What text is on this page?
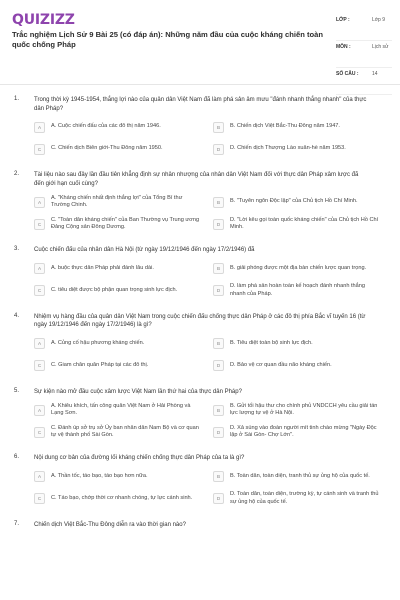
QUIZIZZ
Trắc nghiệm Lịch Sử 9 Bài 25 (có đáp án): Những năm đầu của cuộc kháng chiến toàn quốc chống Pháp
LỚP :	Lớp 9
MÔN :	Lịch sử
SỐ CÂU :	14
1. Trong thời kỳ 1945-1954, thắng lợi nào của quân dân Việt Nam đã làm phá sản âm mưu "đánh nhanh thắng nhanh" của thực dân Pháp?
A	A. Cuộc chiến đấu của các đô thị năm 1946.	B	B. Chiến dịch Việt Bắc-Thu Đông năm 1947.
C	C. Chiến dịch Biên giới-Thu Đông năm 1950.	D	D. Chiến dịch Thượng Lào xuân-hè năm 1953.
2. Tài liệu nào sau đây lần đầu tiên khẳng định sự nhân nhượng của nhân dân Việt Nam đối với thực dân Pháp xâm lược đã đến giới hạn cuối cùng?
A
A. "Kháng chiến nhất định thắng lợi" của Tổng Bí thư Trường Chinh.	B	B. "Tuyên ngôn Độc lập" của Chủ tịch Hồ Chí Minh.
C
C. "Toàn dân kháng chiến" của Ban Thường vụ Trung ương Đảng Cộng sản Đông Dương.	D
D. "Lời kêu gọi toàn quốc kháng chiến" của Chủ tịch Hồ Chí Minh.
3. Cuộc chiến đấu của nhân dân Hà Nội (từ ngày 19/12/1946 đến ngày 17/2/1946) đã
A	A. buộc thực dân Pháp phải đánh lâu dài.	B	B. giải phóng được một địa bàn chiến lược quan trọng.
C	C. tiêu diệt được bộ phận quan trọng sinh lực địch.	D
D. làm phá sản hoàn toàn kế hoạch đánh nhanh thắng nhanh của Pháp.
4. Nhiệm vụ hàng đầu của quân dân Việt Nam trong cuộc chiến đấu chống thực dân Pháp ở các đô thị phía Bắc vĩ tuyến 16 (từ ngày 19/12/1946 đến ngày 17/2/1946) là gì?
A	A. Củng cố hậu phương kháng chiến.	B	B. Tiêu diệt toàn bộ sinh lực địch.
C	C. Giam chân quân Pháp tại các đô thị.	D	D. Bảo vệ cơ quan đầu não kháng chiến.
5. Sự kiện nào mở đầu cuộc xâm lược Việt Nam lần thứ hai của thực dân Pháp?
A
A. Khiêu khích, tấn công quân Việt Nam ở Hải Phòng và Lạng Sơn.	B
B. Gửi tối hậu thư cho chính phủ VNDCCH yêu cầu giải tán lực lượng tự vệ ở Hà Nội.
C
C. Đánh úp sở trụ sở Ủy ban nhân dân Nam Bộ và cơ quan tự vệ thành phố Sài Gòn.	D
D. Xả súng vào đoàn người mít tinh chào mừng "Ngày Độc lập ở Sài Gòn- Chợ Lớn".
6. Nội dung cơ bản của đường lối kháng chiến chống thực dân Pháp của ta là gì?
A	A. Thần tốc, táo bạo, táo bạo hơn nữa.	B	B. Toàn dân, toàn diện, tranh thủ sự ủng hộ của quốc tế.
C	C. Táo bạo, chớp thời cơ nhanh chóng, tự lực cánh sinh.	D
D. Toàn dân, toàn diện, trường kỳ, tự cánh sinh và tranh thủ sự ủng hộ của quốc tế.
7. Chiến dịch Việt Bắc-Thu Đông diễn ra vào thời gian nào?
